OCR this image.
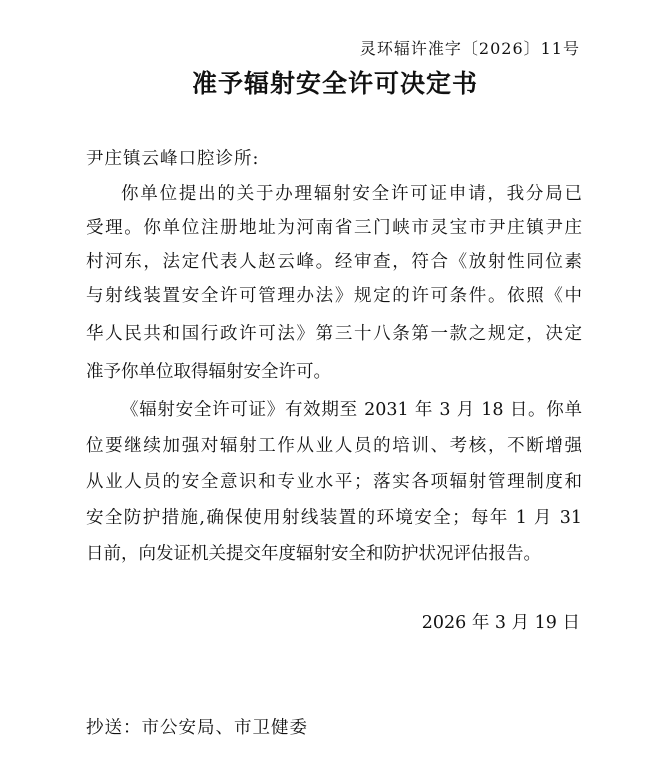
灵环辐许准字〔2026〕11号
准予辐射安全许可决定书
尹庄镇云峰口腔诊所:
你单位提出的关于办理辐射安全许可证申请，我分局已
受理。你单位注册地址为河南省三门峡市灵宝市尹庄镇尹庄
村河东，法定代表人赵云峰。经审查，符合《放射性同位素
与射线装置安全许可管理办法》规定的许可条件。依照《中
华人民共和国行政许可法》第三十八条第一款之规定，决定
准予你单位取得辐射安全许可。
《辐射安全许可证》有效期至 2031 年 3 月 18 日。你单
位要继续加强对辐射工作从业人员的培训、考核，不断增强
从业人员的安全意识和专业水平；落实各项辐射管理制度和
安全防护措施,确保使用射线装置的环境安全；每年 1 月 31
日前，向发证机关提交年度辐射安全和防护状况评估报告。
2026 年 3 月 19 日
抄送：市公安局、市卫健委
